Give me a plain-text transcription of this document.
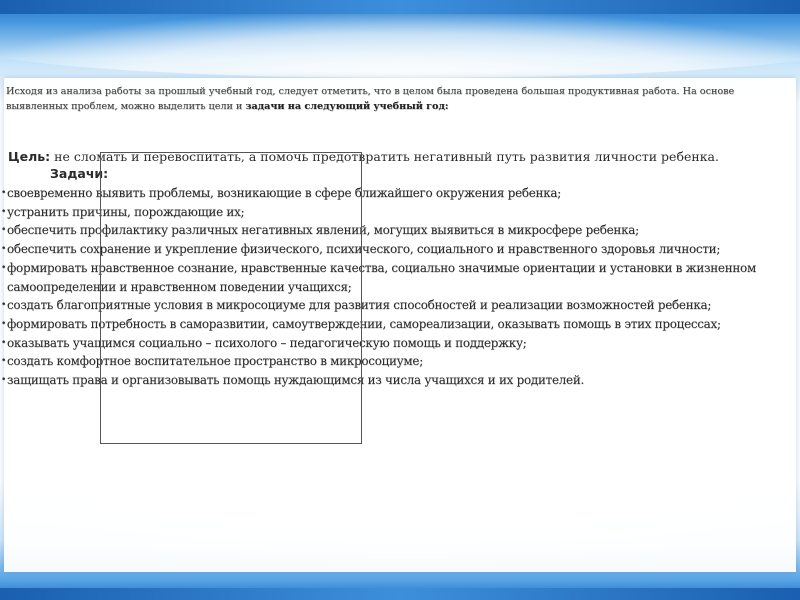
Исходя из анализа работы за прошлый учебный год, следует отметить, что в целом была проведена большая продуктивная работа. На основе выявленных проблем, можно выделить цели и задачи на следующий учебный год:
Цель: не сломать и перевоспитать, а помочь предотвратить негативный путь развития личности ребенка.
Задачи:
• своевременно выявить проблемы, возникающие в сфере ближайшего окружения ребенка;
• устранить причины, порождающие их;
• обеспечить профилактику различных негативных явлений, могущих выявиться в микросфере ребенка;
• обеспечить сохранение и укрепление физического, психического, социального и нравственного здоровья личности;
• формировать нравственное сознание, нравственные качества, социально значимые ориентации и установки в жизненном самоопределении и нравственном поведении учащихся;
• создать благоприятные условия в микросоциуме для развития способностей и реализации возможностей ребенка;
• формировать потребность в саморазвитии, самоутверждении, самореализации, оказывать помощь в этих процессах;
• оказывать учащимся социально – психолого – педагогическую помощь и поддержку;
• создать комфортное воспитательное пространство в микросоциуме;
• защищать права и организовывать помощь нуждающимся из числа учащихся и их родителей.
